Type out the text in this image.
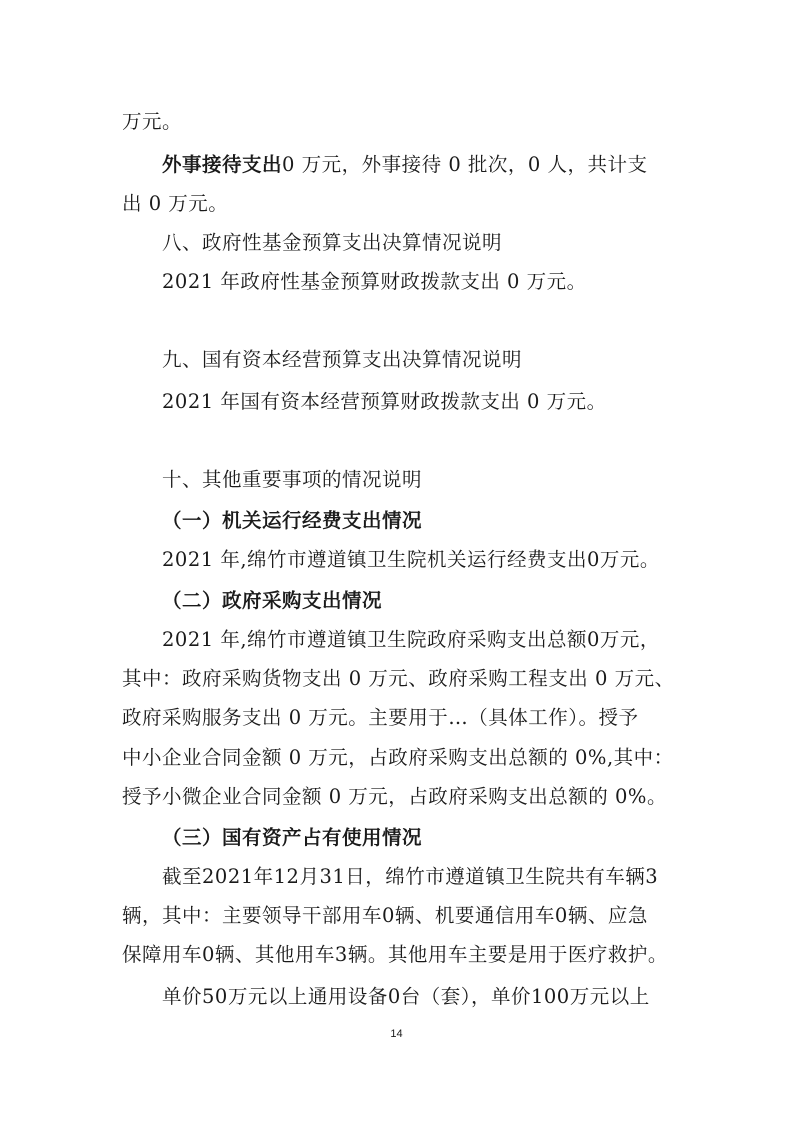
万元。
外事接待支出0 万元，外事接待 0 批次，0 人，共计支
出 0 万元。
八、政府性基金预算支出决算情况说明
2021 年政府性基金预算财政拨款支出 0 万元。
九、国有资本经营预算支出决算情况说明
2021 年国有资本经营预算财政拨款支出 0 万元。
十、其他重要事项的情况说明
（一）机关运行经费支出情况
2021 年,绵竹市遵道镇卫生院机关运行经费支出0万元。
（二）政府采购支出情况
2021 年,绵竹市遵道镇卫生院政府采购支出总额0万元，
其中：政府采购货物支出 0 万元、政府采购工程支出 0 万元、
政府采购服务支出 0 万元。主要用于…（具体工作）。授予
中小企业合同金额 0 万元，占政府采购支出总额的 0%,其中：
授予小微企业合同金额 0 万元，占政府采购支出总额的 0%。
（三）国有资产占有使用情况
截至2021年12月31日，绵竹市遵道镇卫生院共有车辆3
辆，其中：主要领导干部用车0辆、机要通信用车0辆、应急
保障用车0辆、其他用车3辆。其他用车主要是用于医疗救护。
单价50万元以上通用设备0台（套），单价100万元以上
14
